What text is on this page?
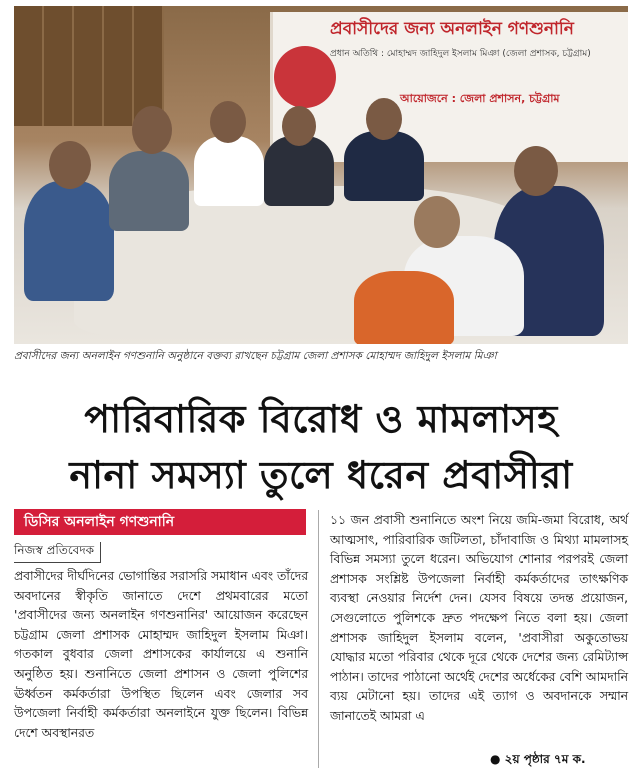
প্রবাসীদের জন্য অনলাইন গণশুনানি
প্রধান অতিথি : মোহাম্মদ জাহিদুল ইসলাম মিঞা (জেলা প্রশাসক, চট্টগ্রাম)
আয়োজনে : জেলা প্রশাসন, চট্টগ্রাম
প্রবাসীদের জন্য অনলাইন গণশুনানি অনুষ্ঠানে বক্তব্য রাখছেন চট্টগ্রাম জেলা প্রশাসক মোহাম্মদ জাহিদুল ইসলাম মিঞা
পারিবারিক বিরোধ ও মামলাসহ
নানা সমস্যা তুলে ধরেন প্রবাসীরা
ডিসির অনলাইন গণশুনানি
নিজস্ব প্রতিবেদক
প্রবাসীদের দীর্ঘদিনের ভোগান্তির সরাসরি সমাধান এবং তাঁদের অবদানের স্বীকৃতি জানাতে দেশে প্রথমবারের মতো 'প্রবাসীদের জন্য অনলাইন গণশুনানির' আয়োজন করেছেন চট্টগ্রাম জেলা প্রশাসক মোহাম্মদ জাহিদুল ইসলাম মিঞা। গতকাল বুধবার জেলা প্রশাসকের কার্যালয়ে এ শুনানি অনুষ্ঠিত হয়। শুনানিতে জেলা প্রশাসন ও জেলা পুলিশের ঊর্ধ্বতন কর্মকর্তারা উপস্থিত ছিলেন এবং জেলার সব উপজেলা নির্বাহী কর্মকর্তারা অনলাইনে যুক্ত ছিলেন। বিভিন্ন দেশে অবস্থানরত
১১ জন প্রবাসী শুনানিতে অংশ নিয়ে জমি-জমা বিরোধ, অর্থ আত্মসাৎ, পারিবারিক জটিলতা, চাঁদাবাজি ও মিথ্যা মামলাসহ বিভিন্ন সমস্যা তুলে ধরেন। অভিযোগ শোনার পরপরই জেলা প্রশাসক সংশ্লিষ্ট উপজেলা নির্বাহী কর্মকর্তাদের তাৎক্ষণিক ব্যবস্থা নেওয়ার নির্দেশ দেন। যেসব বিষয়ে তদন্ত প্রয়োজন, সেগুলোতে পুলিশকে দ্রুত পদক্ষেপ নিতে বলা হয়। জেলা প্রশাসক জাহিদুল ইসলাম বলেন, 'প্রবাসীরা অকুতোভয় যোদ্ধার মতো পরিবার থেকে দূরে থেকে দেশের জন্য রেমিট্যান্স পাঠান। তাদের পাঠানো অর্থেই দেশের অর্ধেকের বেশি আমদানি ব্যয় মেটানো হয়। তাদের এই ত্যাগ ও অবদানকে সম্মান জানাতেই আমরা এ
● ২য় পৃষ্ঠার ৭ম ক.
